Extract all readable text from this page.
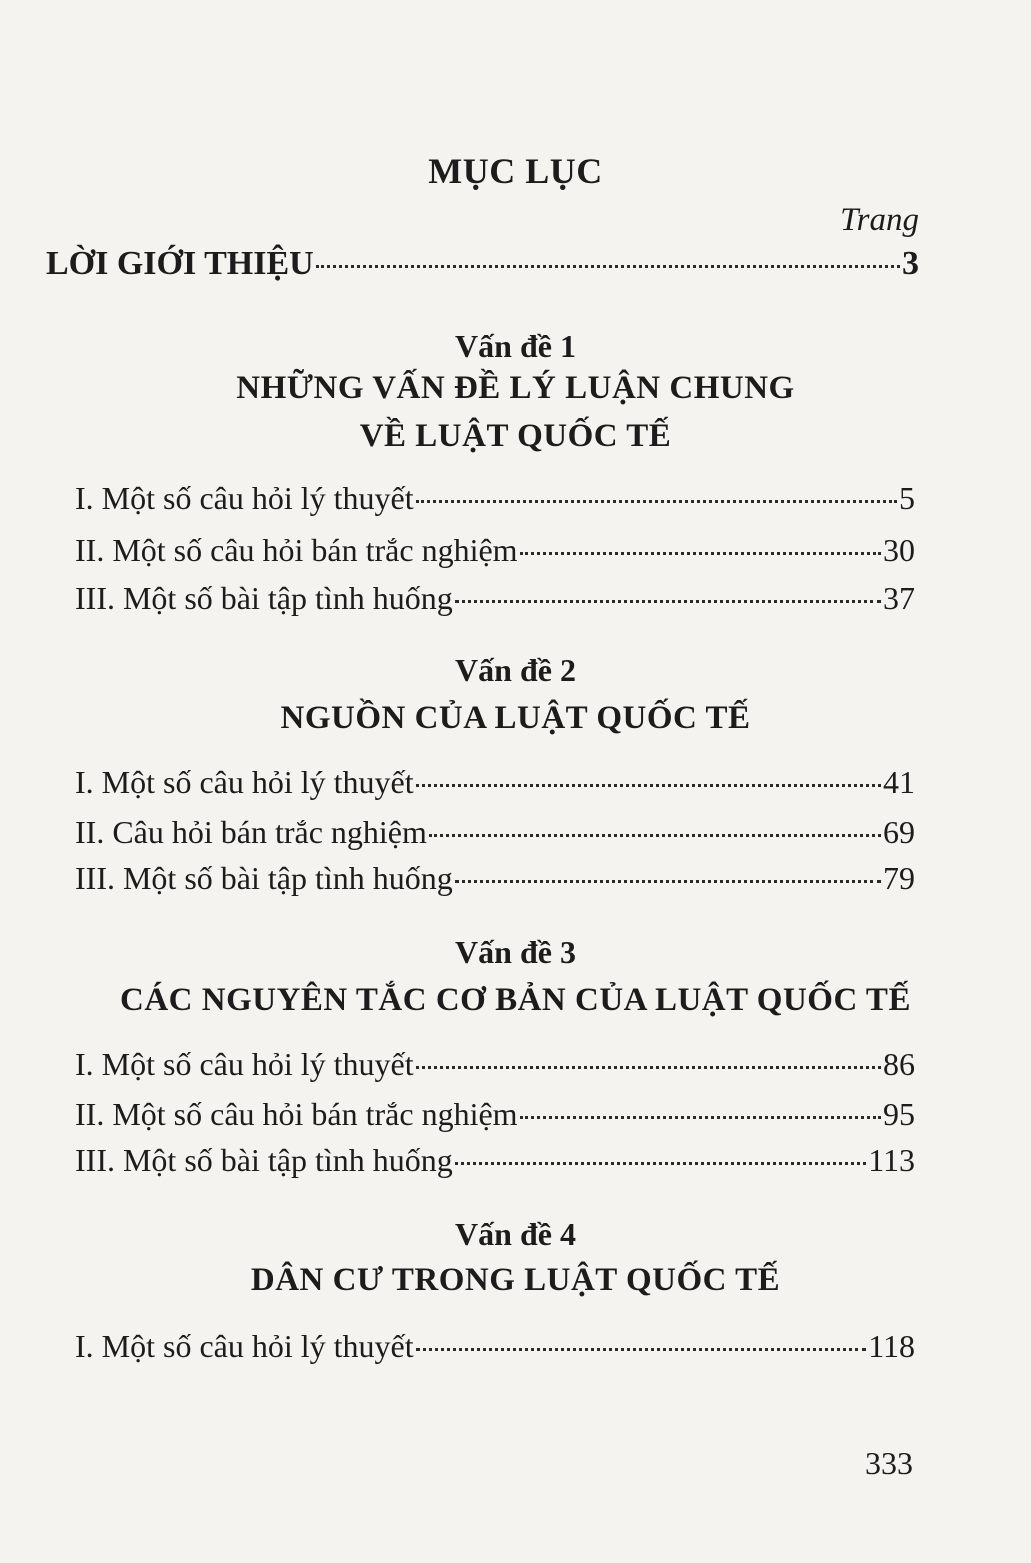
MỤC LỤC
Trang
LỜI GIỚI THIỆU	3
Vấn đề 1
NHỮNG VẤN ĐỀ LÝ LUẬN CHUNG
VỀ LUẬT QUỐC TẾ
I. Một số câu hỏi lý thuyết	5
II. Một số câu hỏi bán trắc nghiệm	30
III. Một số bài tập tình huống	37
Vấn đề 2
NGUỒN CỦA LUẬT QUỐC TẾ
I. Một số câu hỏi lý thuyết	41
II. Câu hỏi bán trắc nghiệm	69
III. Một số bài tập tình huống	79
Vấn đề 3
CÁC NGUYÊN TẮC CƠ BẢN CỦA LUẬT QUỐC TẾ
I. Một số câu hỏi lý thuyết	86
II. Một số câu hỏi bán trắc nghiệm	95
III. Một số bài tập tình huống	113
Vấn đề 4
DÂN CƯ TRONG LUẬT QUỐC TẾ
I. Một số câu hỏi lý thuyết	118
333
